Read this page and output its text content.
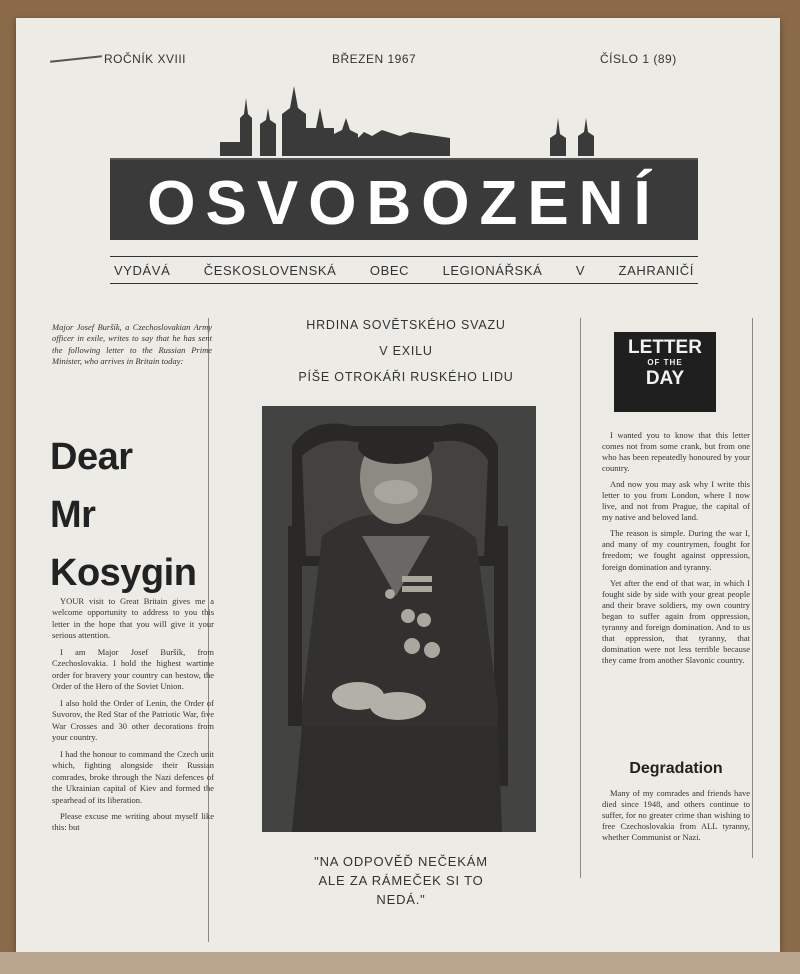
ROČNÍK XVIII	BŘEZEN 1967	ČÍSLO 1 (89)
OSVOBOZENÍ
VYDÁVÁ	ČESKOSLOVENSKÁ	OBEC	LEGIONÁŘSKÁ	V	ZAHRANIČÍ
Major Josef Buršík, a Czechoslovakian Army officer in exile, writes to say that he has sent the following letter to the Russian Prime Minister, who arrives in Britain today:
Dear
Mr
Kosygin

YOUR visit to Great Britain gives me a welcome opportunity to address to you this letter in the hope that you will give it your serious attention.

I am Major Josef Buršík, from Czechoslovakia. I hold the highest wartime order for bravery your country can bestow, the Order of the Hero of the Soviet Union.

I also hold the Order of Lenin, the Order of Suvorov, the Red Star of the Patriotic War, five War Crosses and 30 other decorations from your country.

I had the honour to command the Czech unit which, fighting alongside their Russian comrades, broke through the Nazi defences of the Ukrainian capital of Kiev and formed the spearhead of its liberation.

Please excuse me writing about myself like this: but

HRDINA SOVĚTSKÉHO SVAZU
V EXILU
PÍŠE OTROKÁŘI RUSKÉHO LIDU
"NA ODPOVĚĎ NEČEKÁM
ALE ZA RÁMEČEK SI TO
NEDÁ."
LETTER
OF THE
DAY

I wanted you to know that this letter comes not from some crank, but from one who has been repeatedly honoured by your country.

And now you may ask why I write this letter to you from London, where I now live, and not from Prague, the capital of my native and beloved land.

The reason is simple. During the war I, and many of my countrymen, fought for freedom; we fought against oppression, foreign domination and tyranny.

Yet after the end of that war, in which I fought side by side with your great people and their brave soldiers, my own country began to suffer again from oppression, tyranny and foreign domination. And to us that oppression, that tyranny, that domination were not less terrible because they came from another Slavonic country.

Degradation

Many of my comrades and friends have died since 1948, and others continue to suffer, for no greater crime than wishing to free Czechoslovakia from ALL tyranny, whether Communist or Nazi.
